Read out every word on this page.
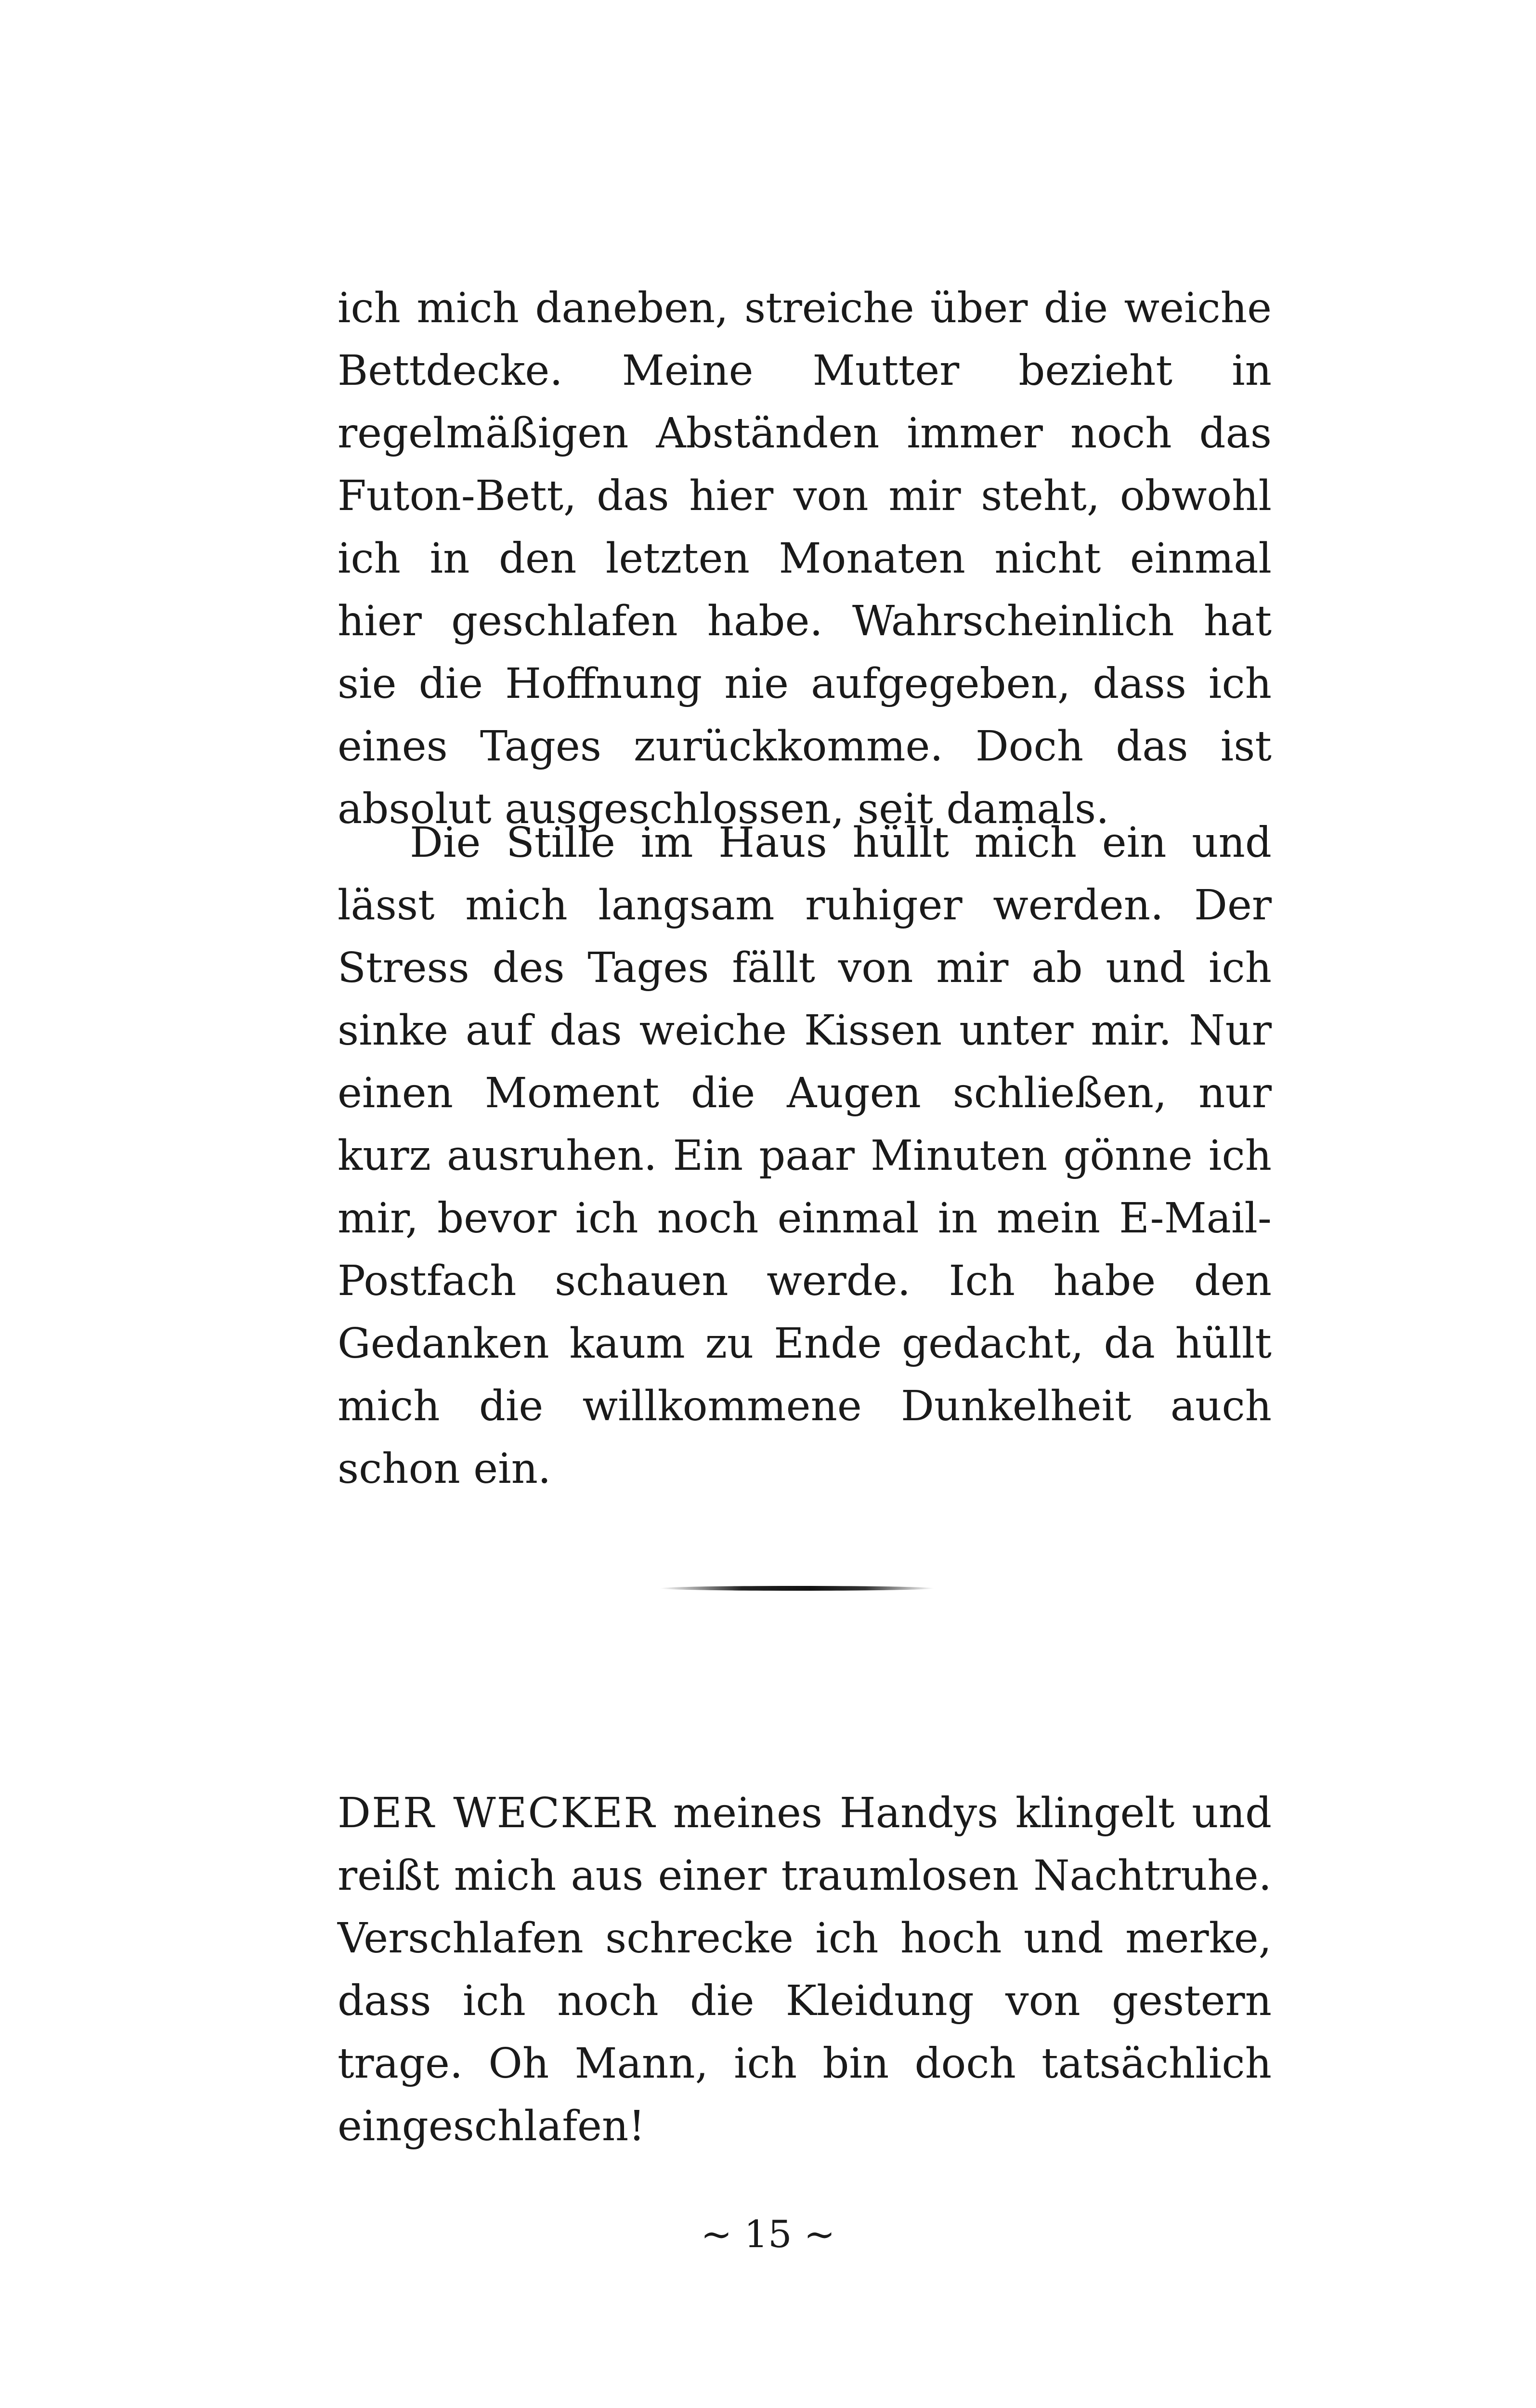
ich mich daneben, streiche über die weiche Bettdecke. Meine Mutter bezieht in regelmäßigen Abständen immer noch das Futon-Bett, das hier von mir steht, obwohl ich in den letzten Monaten nicht einmal hier geschlafen habe. Wahrscheinlich hat sie die Hoffnung nie aufgegeben, dass ich eines Tages zurückkomme. Doch das ist absolut ausgeschlossen, seit damals.

Die Stille im Haus hüllt mich ein und lässt mich langsam ruhiger werden. Der Stress des Tages fällt von mir ab und ich sinke auf das weiche Kissen unter mir. Nur einen Moment die Augen schließen, nur kurz ausruhen. Ein paar Minuten gönne ich mir, bevor ich noch einmal in mein E-Mail-Postfach schauen werde. Ich habe den Gedanken kaum zu Ende gedacht, da hüllt mich die willkommene Dunkelheit auch schon ein.

DER WECKER meines Handys klingelt und reißt mich aus einer traumlosen Nachtruhe. Verschlafen schrecke ich hoch und merke, dass ich noch die Kleidung von gestern trage. Oh Mann, ich bin doch tatsächlich eingeschlafen!

~ 15 ~
